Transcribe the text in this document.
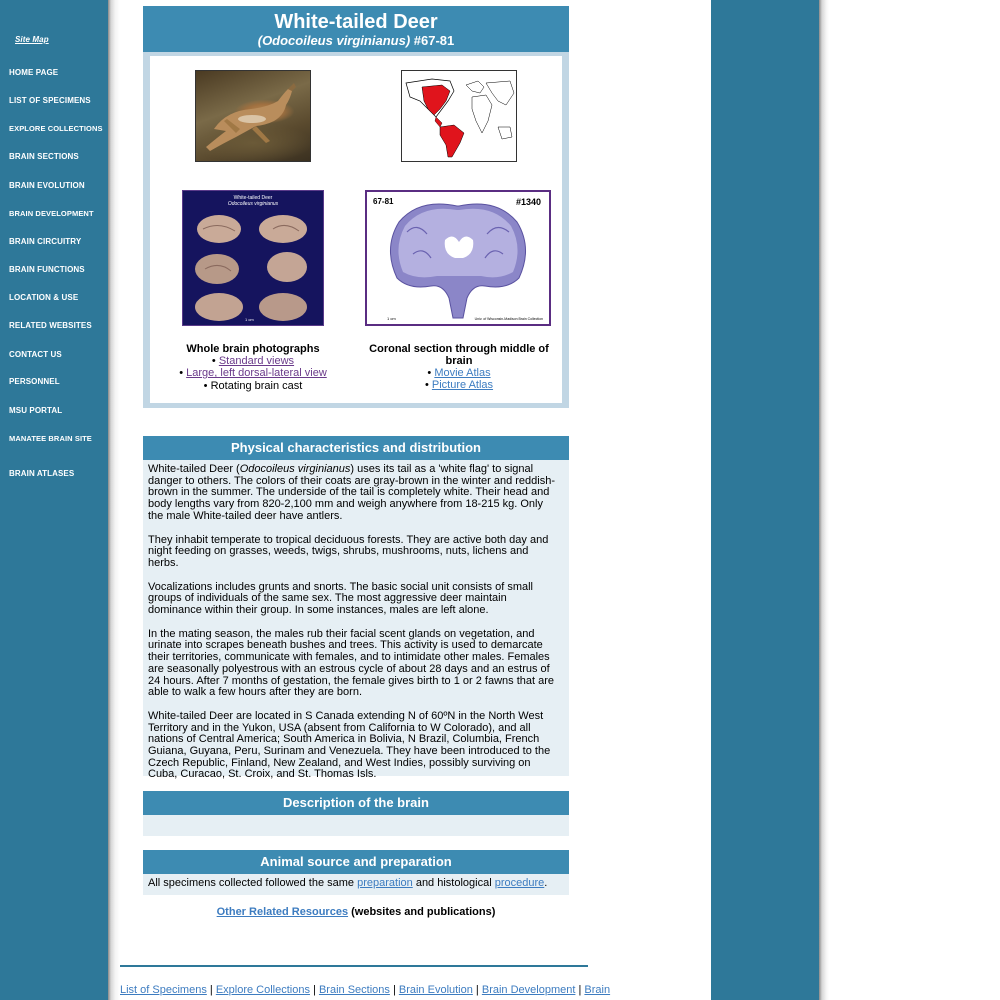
Site Map
HOME PAGE
LIST OF SPECIMENS
EXPLORE COLLECTIONS
BRAIN SECTIONS
BRAIN EVOLUTION
BRAIN DEVELOPMENT
BRAIN CIRCUITRY
BRAIN FUNCTIONS
LOCATION & USE
RELATED WEBSITES
CONTACT US
PERSONNEL
MSU PORTAL
MANATEE BRAIN SITE
BRAIN ATLASES
White-tailed Deer
(Odocoileus virginianus) #67-81
White-tailed Deer
Odocoileus virginianus
1 cm
67-81	#1340
1 cm	Univ. of Wisconsin-Madison Brain Collection
Whole brain photographs
• Standard views
• Large, left dorsal-lateral view
• Rotating brain cast
Coronal section through middle of brain
• Movie Atlas
• Picture Atlas
Physical characteristics and distribution

White-tailed Deer (Odocoileus virginianus) uses its tail as a 'white flag' to signal danger to others. The colors of their coats are gray-brown in the winter and reddish-brown in the summer. The underside of the tail is completely white. Their head and body lengths vary from 820-2,100 mm and weigh anywhere from 18-215 kg. Only the male White-tailed deer have antlers.

They inhabit temperate to tropical deciduous forests. They are active both day and night feeding on grasses, weeds, twigs, shrubs, mushrooms, nuts, lichens and herbs.

Vocalizations includes grunts and snorts. The basic social unit consists of small groups of individuals of the same sex. The most aggressive deer maintain dominance within their group. In some instances, males are left alone.

In the mating season, the males rub their facial scent glands on vegetation, and urinate into scrapes beneath bushes and trees. This activity is used to demarcate their territories, communicate with females, and to intimidate other males. Females are seasonally polyestrous with an estrous cycle of about 28 days and an estrus of 24 hours. After 7 months of gestation, the female gives birth to 1 or 2 fawns that are able to walk a few hours after they are born.

White-tailed Deer are located in S Canada extending N of 60ºN in the North West Territory and in the Yukon, USA (absent from California to W Colorado), and all nations of Central America; South America in Bolivia, N Brazil, Columbia, French Guiana, Guyana, Peru, Surinam and Venezuela. They have been introduced to the Czech Republic, Finland, New Zealand, and West Indies, possibly surviving on Cuba, Curacao, St. Croix, and St. Thomas Isls.

Description of the brain
Animal source and preparation
All specimens collected followed the same preparation and histological procedure.
Other Related Resources (websites and publications)
List of Specimens | Explore Collections | Brain Sections | Brain Evolution | Brain Development | Brain
